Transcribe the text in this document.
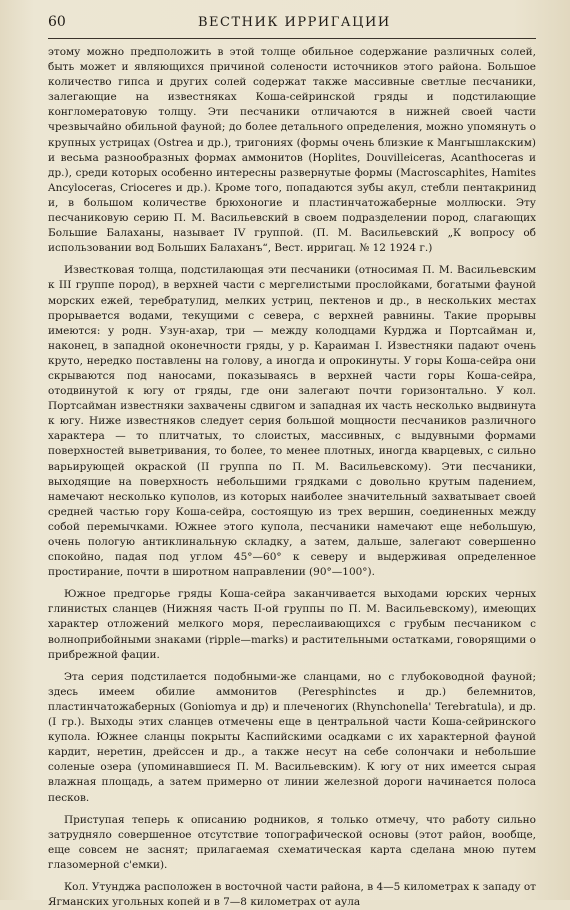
60	ВЕСТНИК ИРРИГАЦИИ

этому можно предположить в этой толще обильное содержание различных солей, быть может и являющихся причиной солености источников этого района. Большое количество гипса и других солей содержат также массивные светлые песчаники, залегающие на известняках Коша-сейринской гряды и подстилающие конгломератовую толщу. Эти песчаники отличаются в нижней своей части чрезвычайно обильной фауной; до более детального определения, можно упомянуть о крупных устрицах (Ostrea и др.), тригониях (формы очень близкие к Мангышлакским) и весьма разнообразных формах аммонитов (Hoplites, Douvilleiceras, Acanthoceras и др.), среди которых особенно интересны развернутые формы (Macroscaphites, Hamites Ancyloceras, Crioceres и др.). Кроме того, попадаются зубы акул, стебли пентакринид и, в большом количестве брюхоногие и пластинчатожаберные моллюски. Эту песчаниковую серию П. М. Васильевский в своем подразделении пород, слагающих Большие Балаханы, называет IV группой. (П. М. Васильевский „К вопросу об использовании вод Больших Балаханъ“, Вест. ирригац. № 12 1924 г.)

Известковая толща, подстилающая эти песчаники (относимая П. М. Васильевским к III группе пород), в верхней части с мергелистыми прослойками, богатыми фауной морских ежей, теребратулид, мелких устриц, пектенов и др., в нескольких местах прорывается водами, текущими с севера, с верхней равнины. Такие прорывы имеются: у родн. Узун-ахар, три — между колодцами Курджа и Портсайман и, наконец, в западной оконечности гряды, у р. Караиман I. Известняки падают очень круто, нередко поставлены на голову, а иногда и опрокинуты. У горы Коша-сейра они скрываются под наносами, показываясь в верхней части горы Коша-сейра, отодвинутой к югу от гряды, где они залегают почти горизонтально. У кол. Портсайман известняки захвачены сдвигом и западная их часть несколько выдвинута к югу. Ниже известняков следует серия большой мощности песчаников различного характера — то плитчатых, то слоистых, массивных, с выдувными формами поверхностей выветривания, то более, то менее плотных, иногда кварцевых, с сильно варьирующей окраской (II группа по П. М. Васильевскому). Эти песчаники, выходящие на поверхность небольшими грядками с довольно крутым падением, намечают несколько куполов, из которых наиболее значительный захватывает своей средней частью гору Коша-сейра, состоящую из трех вершин, соединенных между собой перемычками. Южнее этого купола, песчаники намечают еще небольшую, очень пологую антиклинальную складку, а затем, дальше, залегают совершенно спокойно, падая под углом 45°—60° к северу и выдерживая определенное простирание, почти в широтном направлении (90°—100°).

Южное предгорье гряды Коша-сейра заканчивается выходами юрских черных глинистых сланцев (Нижняя часть II-ой группы по П. М. Васильевскому), имеющих характер отложений мелкого моря, переслаивающихся с грубым песчаником с волноприбойными знаками (ripple—marks) и растительными остатками, говорящими о прибрежной фации.

Эта серия подстилается подобными-же сланцами, но с глубоководной фауной; здесь имеем обилие аммонитов (Peresphinctes и др.) белемнитов, пластинчатожаберных (Goniomya и др) и плеченогих (Rhynchonella' Terebratula), и др. (I гр.). Выходы этих сланцев отмечены еще в центральной части Коша-сейринского купола. Южнее сланцы покрыты Каспийскими осадками с их характерной фауной кардит, неретин, дрейссен и др., а также несут на себе солончаки и небольшие соленые озера (упоминавшиеся П. М. Васильевским). К югу от них имеется сырая влажная площадь, а затем примерно от линии железной дороги начинается полоса песков.

Приступая теперь к описанию родников, я только отмечу, что работу сильно затрудняло совершенное отсутствие топографической основы (этот район, вообще, еще совсем не заснят; прилагаемая схематическая карта сделана мною путем глазомерной с'емки).

Кол. Утунджа расположен в восточной части района, в 4—5 километрах к западу от Ягманских угольных копей и в 7—8 километрах от аула
